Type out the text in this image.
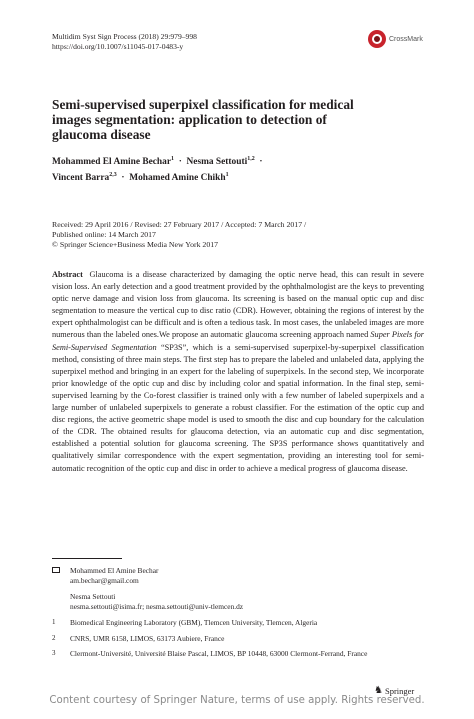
Multidim Syst Sign Process (2018) 29:979–998
https://doi.org/10.1007/s11045-017-0483-y
CrossMark
Semi-supervised superpixel classification for medical images segmentation: application to detection of glaucoma disease
Mohammed El Amine Bechar$^1$  ·  Nesma Settouti$^{1,2}$  ·
Vincent Barra$^{2,3}$  ·  Mohamed Amine Chikh$^1$
Received: 29 April 2016 / Revised: 27 February 2017 / Accepted: 7 March 2017 /
Published online: 14 March 2017
© Springer Science+Business Media New York 2017
Abstract Glaucoma is a disease characterized by damaging the optic nerve head, this can result in severe vision loss. An early detection and a good treatment provided by the ophthalmologist are the keys to preventing optic nerve damage and vision loss from glaucoma. Its screening is based on the manual optic cup and disc segmentation to measure the vertical cup to disc ratio (CDR). However, obtaining the regions of interest by the expert ophthalmologist can be difficult and is often a tedious task. In most cases, the unlabeled images are more numerous than the labeled ones.We propose an automatic glaucoma screening approach named Super Pixels for Semi-Supervised Segmentation “SP3S”, which is a semi-supervised superpixel-by-superpixel classification method, consisting of three main steps. The first step has to prepare the labeled and unlabeled data, applying the superpixel method and bringing in an expert for the labeling of superpixels. In the second step, We incorporate prior knowledge of the optic cup and disc by including color and spatial information. In the final step, semi-supervised learning by the Co-forest classifier is trained only with a few number of labeled superpixels and a large number of unlabeled superpixels to generate a robust classifier. For the estimation of the optic cup and disc regions, the active geometric shape model is used to smooth the disc and cup boundary for the calculation of the CDR. The obtained results for glaucoma detection, via an automatic cup and disc segmentation, established a potential solution for glaucoma screening. The SP3S performance shows quantitatively and qualitatively similar correspondence with the expert segmentation, providing an interesting tool for semi-automatic recognition of the optic cup and disc in order to achieve a medical progress of glaucoma disease.
Mohammed El Amine Bechar
am.bechar@gmail.com
Nesma Settouti
nesma.settouti@isima.fr; nesma.settouti@univ-tlemcen.dz
1	Biomedical Engineering Laboratory (GBM), Tlemcen University, Tlemcen, Algeria
2	CNRS, UMR 6158, LIMOS, 63173 Aubiere, France
3	Clermont-Université, Université Blaise Pascal, LIMOS, BP 10448, 63000 Clermont-Ferrand, France
♞ Springer
Content courtesy of Springer Nature, terms of use apply. Rights reserved.
